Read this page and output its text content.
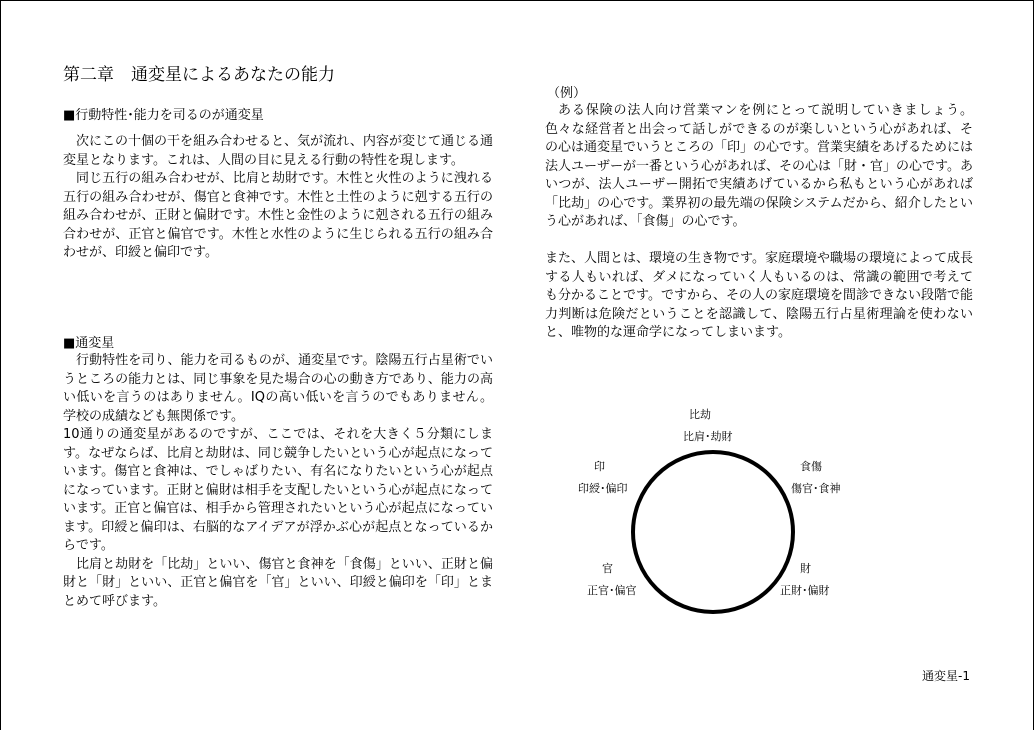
第二章　通変星によるあなたの能力
■行動特性･能力を司るのが通変星

次にこの十個の干を組み合わせると、気が流れ、内容が変じて通じる通変星となります。これは、人間の目に見える行動の特性を現します。

同じ五行の組み合わせが、比肩と劫財です。木性と火性のように洩れる五行の組み合わせが、傷官と食神です。木性と土性のように剋する五行の組み合わせが、正財と偏財です。木性と金性のように剋される五行の組み合わせが、正官と偏官です。木性と水性のように生じられる五行の組み合わせが、印綬と偏印です。

■通変星

行動特性を司り、能力を司るものが、通変星です。陰陽五行占星術でいうところの能力とは、同じ事象を見た場合の心の動き方であり、能力の高い低いを言うのはありません。IQの高い低いを言うのでもありません。学校の成績なども無関係です。

10通りの通変星があるのですが、ここでは、それを大きく５分類にします。なぜならば、比肩と劫財は、同じ競争したいという心が起点になっています。傷官と食神は、でしゃばりたい、有名になりたいという心が起点になっています。正財と偏財は相手を支配したいという心が起点になっています。正官と偏官は、相手から管理されたいという心が起点になっています。印綬と偏印は、右脳的なアイデアが浮かぶ心が起点となっているからです。

比肩と劫財を「比劫」といい、傷官と食神を「食傷」といい、正財と偏財と「財」といい、正官と偏官を「官」といい、印綬と偏印を「印」とまとめて呼びます。

（例）

ある保険の法人向け営業マンを例にとって説明していきましょう。色々な経営者と出会って話しができるのが楽しいという心があれば、その心は通変星でいうところの「印」の心です。営業実績をあげるためには法人ユーザーが一番という心があれば、その心は「財・官」の心です。あいつが、法人ユーザー開拓で実績あげているから私もという心があれば「比劫」の心です。業界初の最先端の保険システムだから、紹介したという心があれば、「食傷」の心です。

また、人間とは、環境の生き物です。家庭環境や職場の環境によって成長する人もいれば、ダメになっていく人もいるのは、常識の範囲で考えても分かることです。ですから、その人の家庭環境を間診できない段階で能力判断は危険だということを認識して、陰陽五行占星術理論を使わないと、唯物的な運命学になってしまいます。

比劫
比肩･劫財
食傷
傷官･食神
財
正財･偏財
官
正官･偏官
印
印綬･偏印
通変星-1
